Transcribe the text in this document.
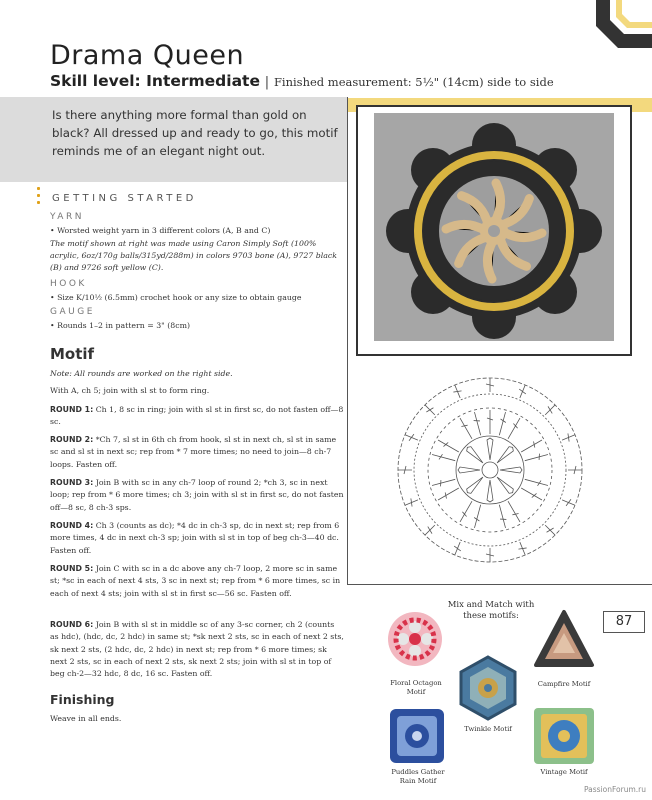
Drama Queen
Skill level: Intermediate | Finished measurement: 5½" (14cm) side to side
Is there anything more formal than gold on black? All dressed up and ready to go, this motif reminds me of an elegant night out.
GETTING STARTED
YARN
• Worsted weight yarn in 3 different colors (A, B and C)
The motif shown at right was made using Caron Simply Soft (100% acrylic, 6oz/170g balls/315yd/288m) in colors 9703 bone (A), 9727 black (B) and 9726 soft yellow (C).
HOOK
• Size K/10½ (6.5mm) crochet hook or any size to obtain gauge
GAUGE
• Rounds 1–2 in pattern = 3" (8cm)
Motif
Note: All rounds are worked on the right side.
With A, ch 5; join with sl st to form ring.
ROUND 1: Ch 1, 8 sc in ring; join with sl st in first sc, do not fasten off—8 sc.
ROUND 2: *Ch 7, sl st in 6th ch from hook, sl st in next ch, sl st in same sc and sl st in next sc; rep from * 7 more times; no need to join—8 ch-7 loops. Fasten off.
ROUND 3: Join B with sc in any ch-7 loop of round 2; *ch 3, sc in next loop; rep from * 6 more times; ch 3; join with sl st in first sc, do not fasten off—8 sc, 8 ch-3 sps.
ROUND 4: Ch 3 (counts as dc); *4 dc in ch-3 sp, dc in next st; rep from 6 more times, 4 dc in next ch-3 sp; join with sl st in top of beg ch-3—40 dc. Fasten off.
ROUND 5: Join C with sc in a dc above any ch-7 loop, 2 more sc in same st; *sc in each of next 4 sts, 3 sc in next st; rep from * 6 more times, sc in each of next 4 sts; join with sl st in first sc—56 sc. Fasten off.
ROUND 6: Join B with sl st in middle sc of any 3-sc corner, ch 2 (counts as hdc), (hdc, dc, 2 hdc) in same st; *sk next 2 sts, sc in each of next 2 sts, sk next 2 sts, (2 hdc, dc, 2 hdc) in next st; rep from * 6 more times; sk next 2 sts, sc in each of next 2 sts, sk next 2 sts; join with sl st in top of beg ch-2—32 hdc, 8 dc, 16 sc. Fasten off.
Finishing
Weave in all ends.
87
Mix and Match with these motifs:
Floral Octagon Motif
Campfire Motif
Twinkle Motif
Puddles Gather Rain Motif
Vintage Motif
PassionForum.ru
